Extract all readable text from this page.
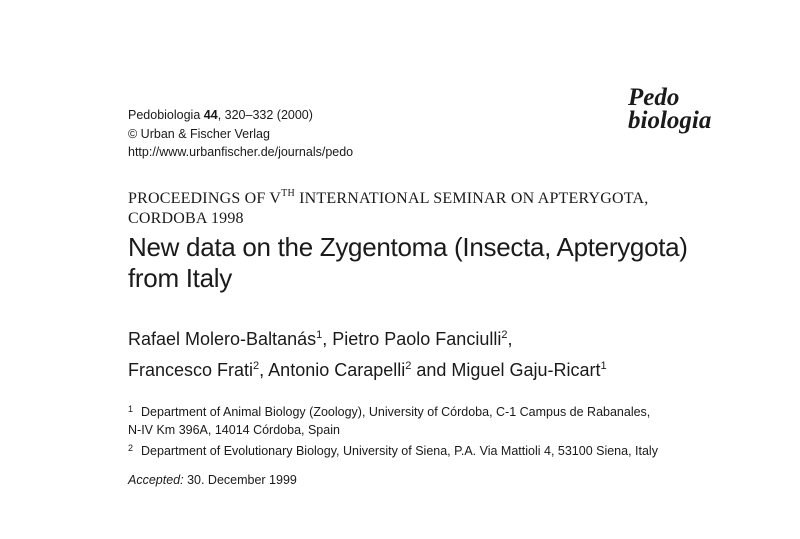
Pedobiologia 44, 320–332 (2000)
© Urban & Fischer Verlag
http://www.urbanfischer.de/journals/pedo
Pedo
biologia
PROCEEDINGS OF VTH INTERNATIONAL SEMINAR ON APTERYGOTA,
CORDOBA 1998
New data on the Zygentoma (Insecta, Apterygota)
from Italy
Rafael Molero-Baltanás$^1$, Pietro Paolo Fanciulli$^2$,
Francesco Frati$^2$, Antonio Carapelli$^2$ and Miguel Gaju-Ricart$^1$
$^1$ Department of Animal Biology (Zoology), University of Córdoba, C-1 Campus de Rabanales,
N-IV Km 396A, 14014 Córdoba, Spain
$^2$ Department of Evolutionary Biology, University of Siena, P.A. Via Mattioli 4, 53100 Siena, Italy
Accepted: 30. December 1999
